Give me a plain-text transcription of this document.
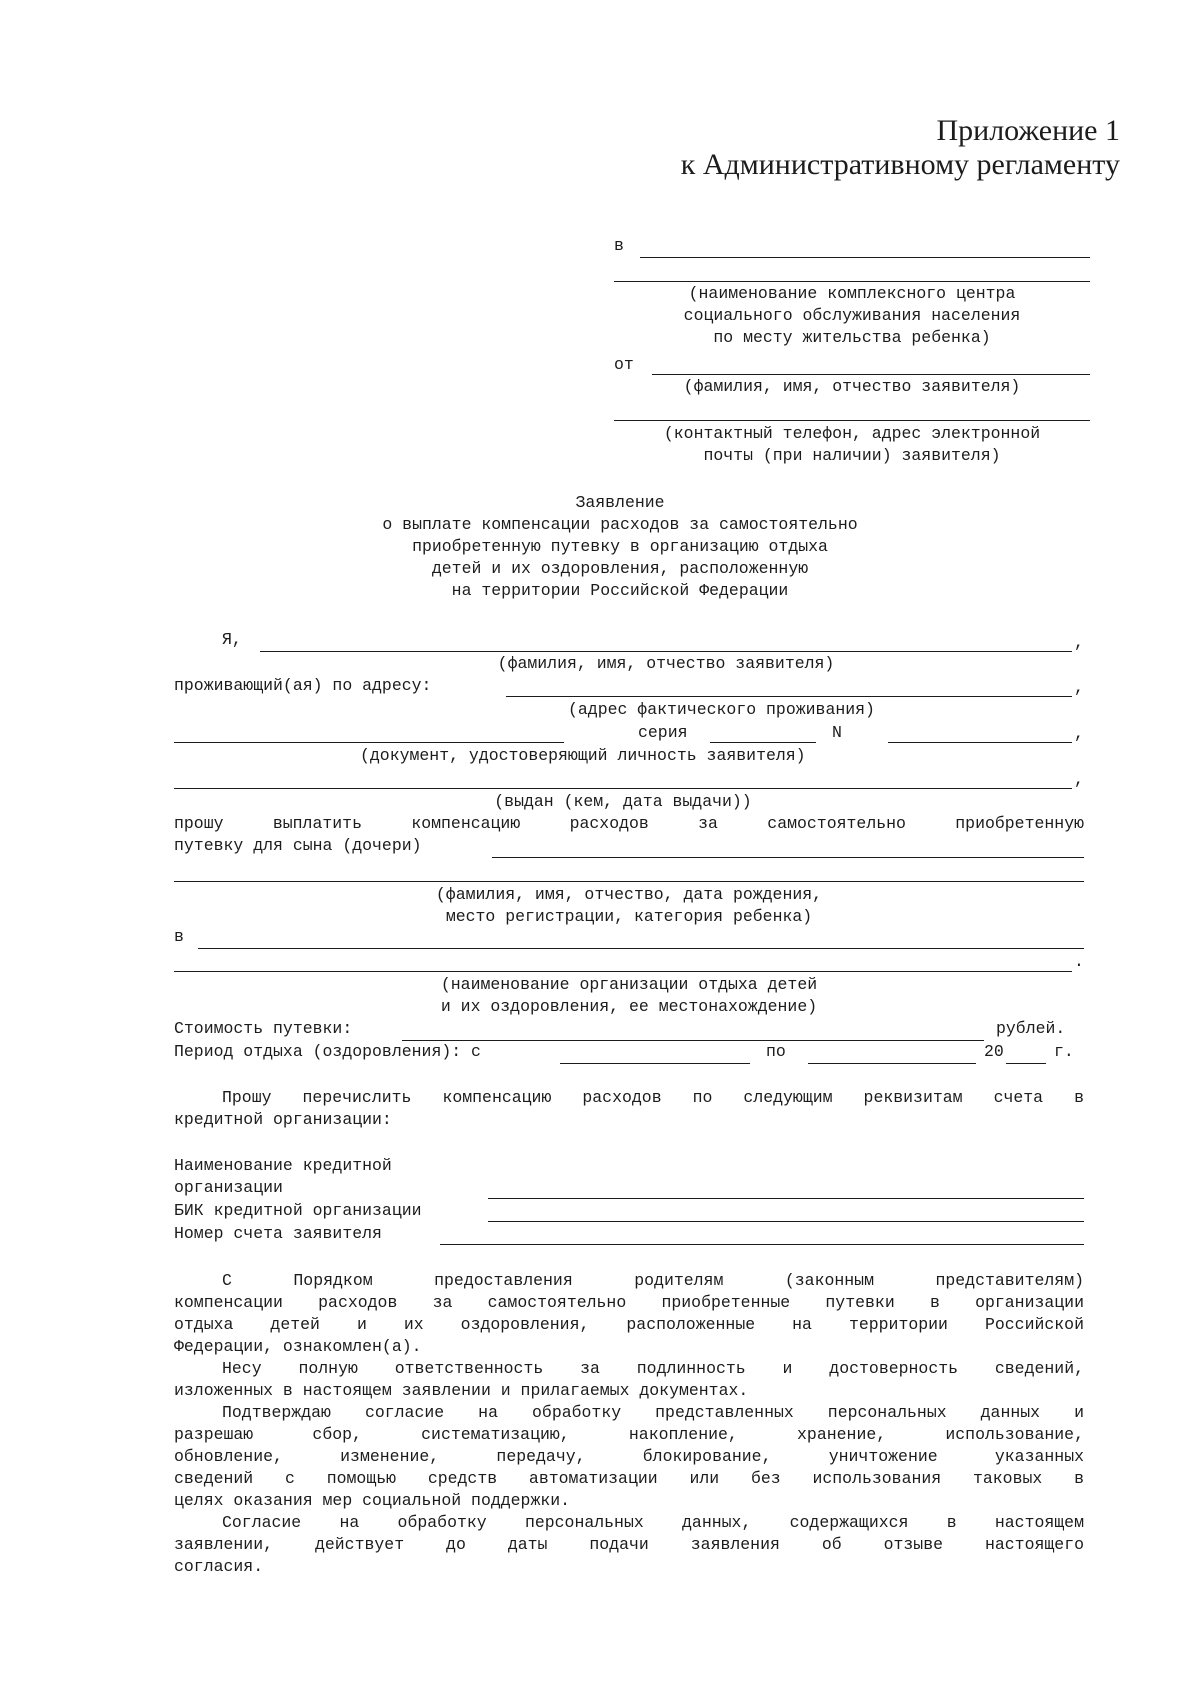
Приложение 1
к Административному регламенту
в
(наименование комплексного центра
социального обслуживания населения
по месту жительства ребенка)
от
(фамилия, имя, отчество заявителя)
(контактный телефон, адрес электронной
почты (при наличии) заявителя)
Заявление
о выплате компенсации расходов за самостоятельно
приобретенную путевку в организацию отдыха
детей и их оздоровления, расположенную
на территории Российской Федерации
Я,	,
(фамилия, имя, отчество заявителя)
проживающий(ая) по адресу:	,
(адрес фактического проживания)
серия	N	,
(документ, удостоверяющий личность заявителя)
,
(выдан (кем, дата выдачи))
прошу выплатить компенсацию расходов за самостоятельно приобретенную
путевку для сына (дочери)
(фамилия, имя, отчество, дата рождения,
место регистрации, категория ребенка)
в
.
(наименование организации отдыха детей
и их оздоровления, ее местонахождение)
Стоимость путевки:	рублей.
Период отдыха (оздоровления): с	по	20	г.
Прошу перечислить компенсацию расходов по следующим реквизитам счета в
кредитной организации:
Наименование кредитной
организации
БИК кредитной организации
Номер счета заявителя
С Порядком предоставления родителям (законным представителям)
компенсации расходов за самостоятельно приобретенные путевки в организации
отдыха детей и их оздоровления, расположенные на территории Российской
Федерации, ознакомлен(а).
Несу полную ответственность за подлинность и достоверность сведений,
изложенных в настоящем заявлении и прилагаемых документах.
Подтверждаю согласие на обработку представленных персональных данных и
разрешаю сбор, систематизацию, накопление, хранение, использование,
обновление, изменение, передачу, блокирование, уничтожение указанных
сведений с помощью средств автоматизации или без использования таковых в
целях оказания мер социальной поддержки.
Согласие на обработку персональных данных, содержащихся в настоящем
заявлении, действует до даты подачи заявления об отзыве настоящего
согласия.
